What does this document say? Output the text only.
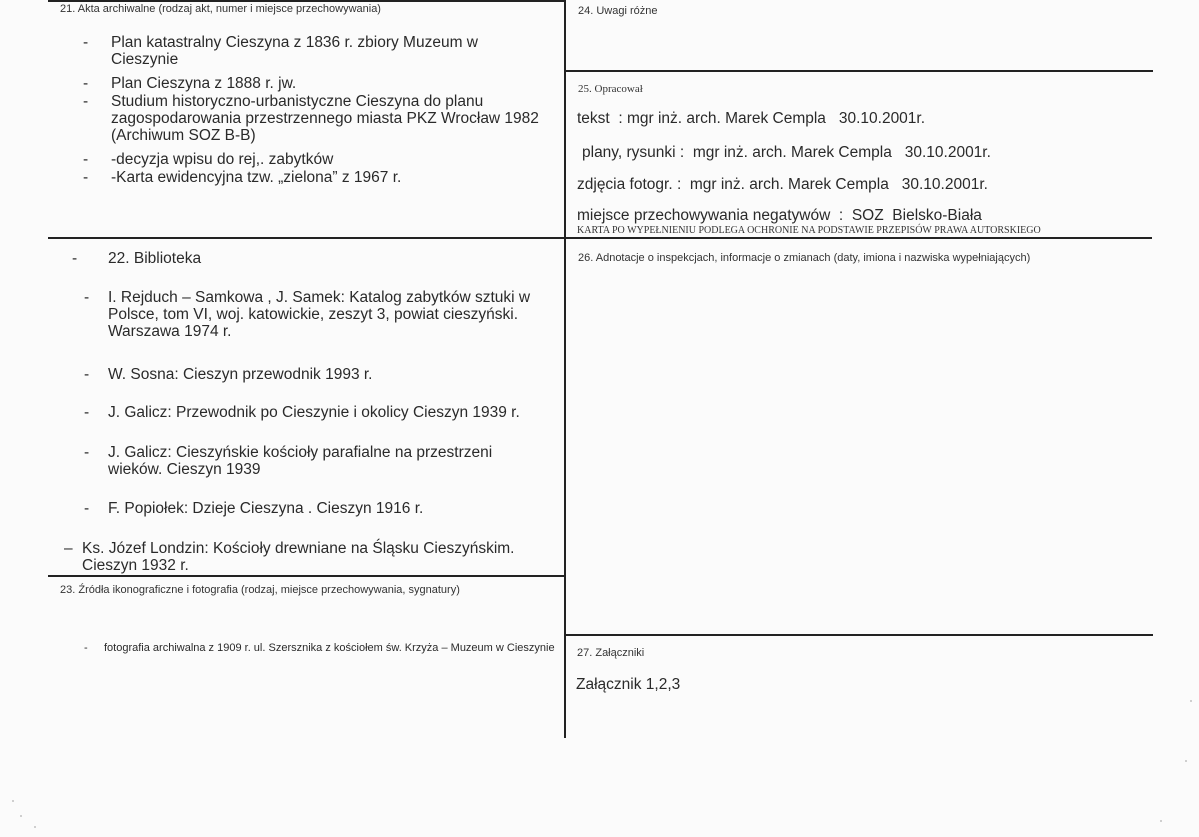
21. Akta archiwalne (rodzaj akt, numer i miejsce przechowywania)
- Plan katastralny Cieszyna z 1836 r. zbiory Muzeum w Cieszynie
- Plan Cieszyna z 1888 r. jw.
- Studium historyczno-urbanistyczne Cieszyna do planu zagospodarowania przestrzennego miasta PKZ Wrocław 1982 (Archiwum SOZ B-B)
- -decyzja wpisu do rej,. zabytków
- -Karta ewidencyjna tzw. „zielona” z 1967 r.
24. Uwagi różne
25. Opracował
tekst  : mgr inż. arch. Marek Cempla   30.10.2001r.
plany, rysunki :  mgr inż. arch. Marek Cempla   30.10.2001r.
zdjęcia fotogr. :  mgr inż. arch. Marek Cempla   30.10.2001r.
miejsce przechowywania negatywów  :  SOZ  Bielsko-Biała
KARTA PO WYPEŁNIENIU PODLEGA OCHRONIE NA PODSTAWIE PRZEPISÓW PRAWA AUTORSKIEGO
- 22. Biblioteka
- I. Rejduch – Samkowa , J. Samek: Katalog zabytków sztuki w Polsce, tom VI, woj. katowickie, zeszyt 3, powiat cieszyński. Warszawa 1974 r.
- W. Sosna: Cieszyn przewodnik 1993 r.
- J. Galicz: Przewodnik po Cieszynie i okolicy Cieszyn 1939 r.
- J. Galicz: Cieszyńskie kościoły parafialne na przestrzeni wieków. Cieszyn 1939
- F. Popiołek: Dzieje Cieszyna . Cieszyn 1916 r.
– Ks. Józef Londzin: Kościoły drewniane na Śląsku Cieszyńskim. Cieszyn 1932 r.
26. Adnotacje o inspekcjach, informacje o zmianach (daty, imiona i nazwiska wypełniających)
23. Źródła ikonograficzne i fotografia (rodzaj, miejsce przechowywania, sygnatury)
- fotografia archiwalna z 1909 r. ul. Szersznika z kościołem św. Krzyża – Muzeum w Cieszynie	27. Załączniki
Załącznik 1,2,3
